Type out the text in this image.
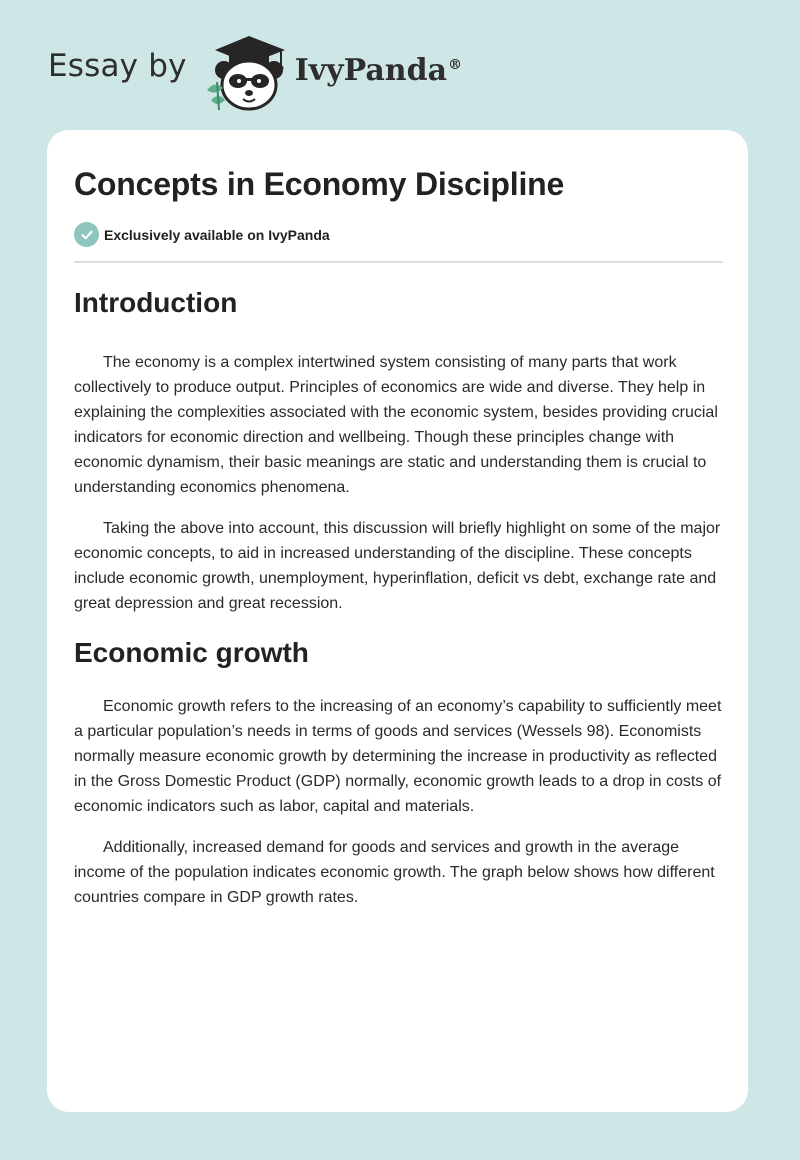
Essay by	IvyPanda®
Concepts in Economy Discipline
Exclusively available on IvyPanda
Introduction

The economy is a complex intertwined system consisting of many parts that work collectively to produce output. Principles of economics are wide and diverse. They help in explaining the complexities associated with the economic system, besides providing crucial indicators for economic direction and wellbeing. Though these principles change with economic dynamism, their basic meanings are static and understanding them is crucial to understanding economics phenomena.

Taking the above into account, this discussion will briefly highlight on some of the major economic concepts, to aid in increased understanding of the discipline. These concepts include economic growth, unemployment, hyperinflation, deficit vs debt, exchange rate and great depression and great recession.

Economic growth

Economic growth refers to the increasing of an economy’s capability to sufficiently meet a particular population’s needs in terms of goods and services (Wessels 98). Economists normally measure economic growth by determining the increase in productivity as reflected in the Gross Domestic Product (GDP) normally, economic growth leads to a drop in costs of economic indicators such as labor, capital and materials.

Additionally, increased demand for goods and services and growth in the average income of the population indicates economic growth. The graph below shows how different countries compare in GDP growth rates.
